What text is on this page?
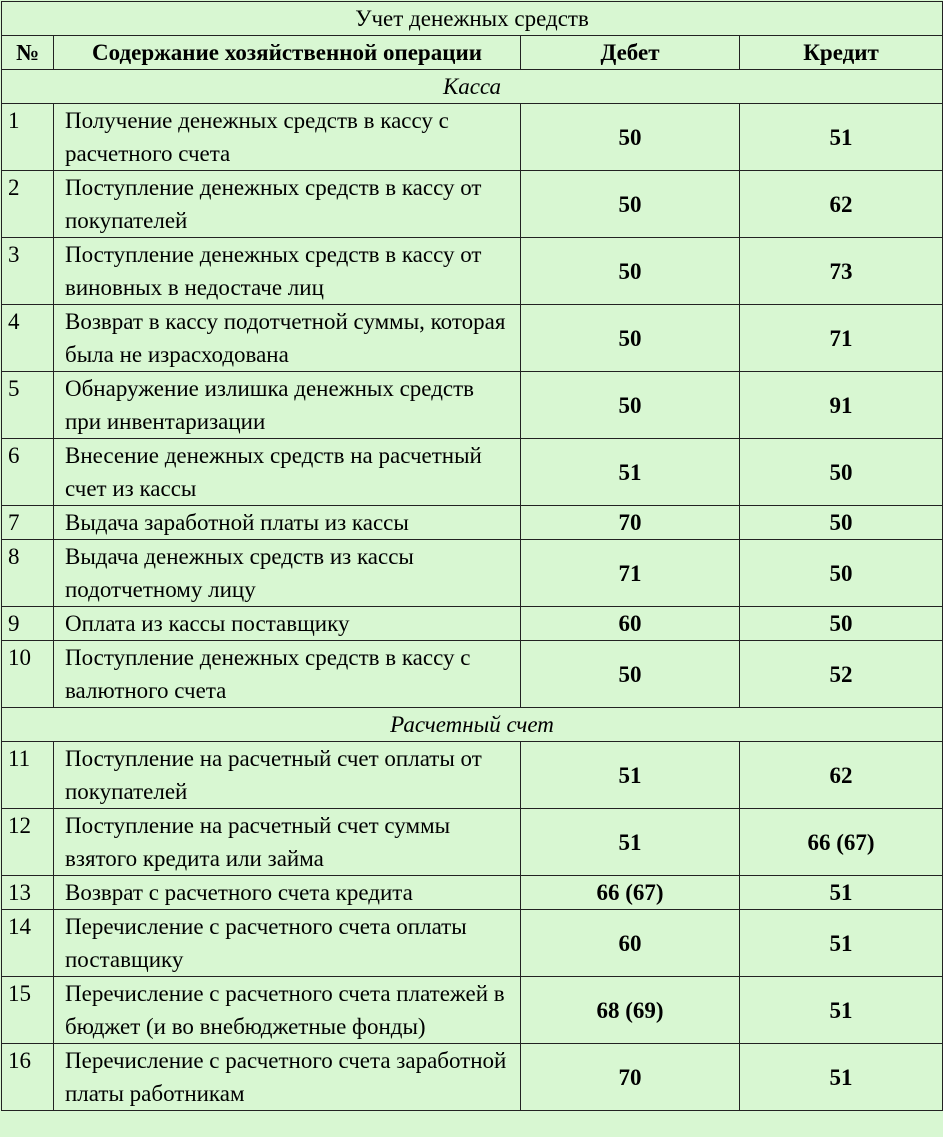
Учет денежных средств			
№	Содержание хозяйственной операции	Дебет	Кредит
Касса			
1	Получение денежных средств в кассу с расчетного счета	50	51
2	Поступление денежных средств в кассу от покупателей	50	62
3	Поступление денежных средств в кассу от виновных в недостаче лиц	50	73
4	Возврат в кассу подотчетной суммы, которая была не израсходована	50	71
5	Обнаружение излишка денежных средств при инвентаризации	50	91
6	Внесение денежных средств на расчетный счет из кассы	51	50
7	Выдача заработной платы из кассы	70	50
8	Выдача денежных средств из кассы подотчетному лицу	71	50
9	Оплата из кассы поставщику	60	50
10	Поступление денежных средств в кассу с валютного счета	50	52
Расчетный счет			
11	Поступление на расчетный счет оплаты от покупателей	51	62
12	Поступление на расчетный счет суммы взятого кредита или займа	51	66 (67)
13	Возврат с расчетного счета кредита	66 (67)	51
14	Перечисление с расчетного счета оплаты поставщику	60	51
15	Перечисление с расчетного счета платежей в бюджет (и во внебюджетные фонды)	68 (69)	51
16	Перечисление с расчетного счета заработной платы работникам	70	51
